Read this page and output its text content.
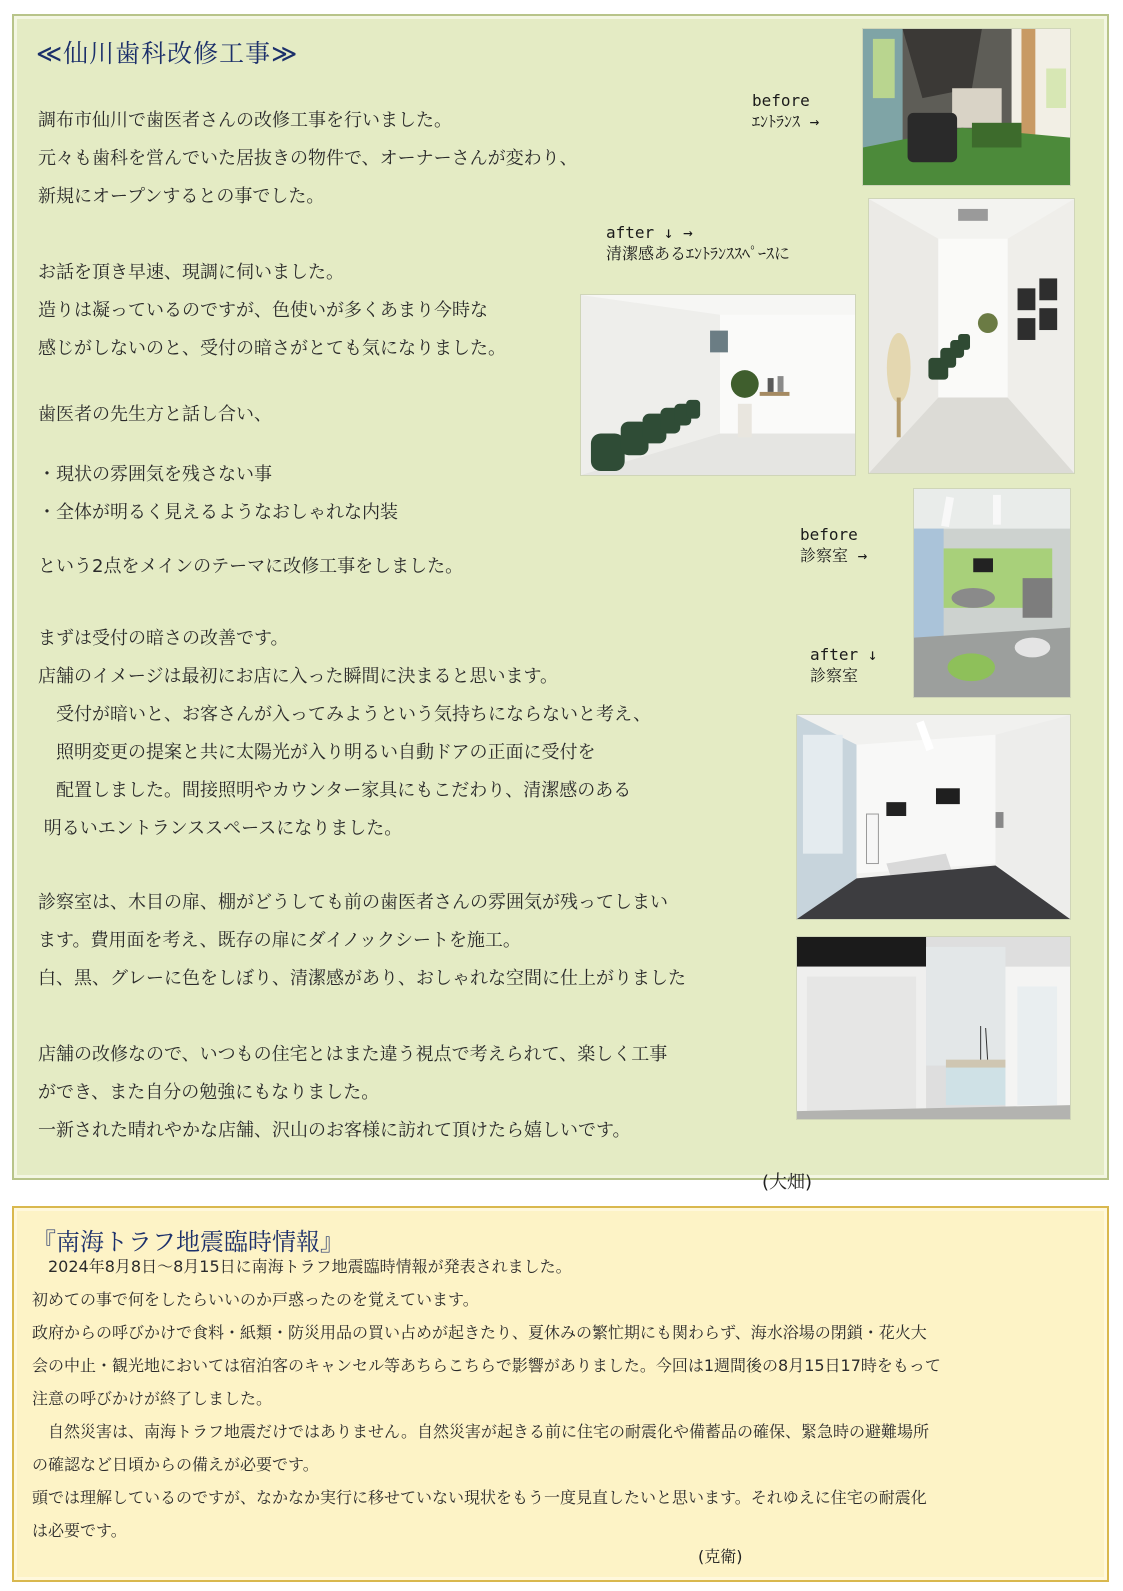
≪仙川歯科改修工事≫
調布市仙川で歯医者さんの改修工事を行いました。
元々も歯科を営んでいた居抜きの物件で、オーナーさんが変わり、
新規にオープンするとの事でした。
お話を頂き早速、現調に伺いました。
造りは凝っているのですが、色使いが多くあまり今時な
感じがしないのと、受付の暗さがとても気になりました。
歯医者の先生方と話し合い、
・現状の雰囲気を残さない事
・全体が明るく見えるようなおしゃれな内装
という2点をメインのテーマに改修工事をしました。
まずは受付の暗さの改善です。
店舗のイメージは最初にお店に入った瞬間に決まると思います。
　受付が暗いと、お客さんが入ってみようという気持ちにならないと考え、
　照明変更の提案と共に太陽光が入り明るい自動ドアの正面に受付を
　配置しました。間接照明やカウンター家具にもこだわり、清潔感のある
明るいエントランススペースになりました。
診察室は、木目の扉、棚がどうしても前の歯医者さんの雰囲気が残ってしまい
ます。費用面を考え、既存の扉にダイノックシートを施工。
白、黒、グレーに色をしぼり、清潔感があり、おしゃれな空間に仕上がりました
店舗の改修なので、いつもの住宅とはまた違う視点で考えられて、楽しく工事
ができ、また自分の勉強にもなりました。
一新された晴れやかな店舗、沢山のお客様に訪れて頂けたら嬉しいです。
before
ｴﾝﾄﾗﾝｽ →
after ↓ →
清潔感あるｴﾝﾄﾗﾝｽｽﾍﾟｰｽに
before
診察室 →
after ↓
診察室
(大畑)
『南海トラフ地震臨時情報』
　2024年8月8日～8月15日に南海トラフ地震臨時情報が発表されました。
初めての事で何をしたらいいのか戸惑ったのを覚えています。
政府からの呼びかけで食料・紙類・防災用品の買い占めが起きたり、夏休みの繁忙期にも関わらず、海水浴場の閉鎖・花火大
会の中止・観光地においては宿泊客のキャンセル等あちらこちらで影響がありました。今回は1週間後の8月15日17時をもって
注意の呼びかけが終了しました。
　自然災害は、南海トラフ地震だけではありません。自然災害が起きる前に住宅の耐震化や備蓄品の確保、緊急時の避難場所
の確認など日頃からの備えが必要です。
頭では理解しているのですが、なかなか実行に移せていない現状をもう一度見直したいと思います。それゆえに住宅の耐震化
は必要です。
(克衛)
